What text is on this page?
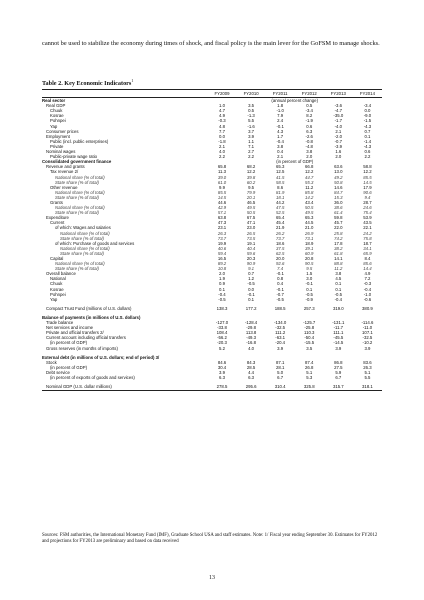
cannot be used to stabilize the economy during times of shock, and fiscal policy is the main lever for the GoFSM to manage shocks.
Table 2. Key Economic Indicators$^1$
	FY2009	FY2010	FY2011	FY2012	FY2013	FY2014
Real sector	(annual percent change)					
Real GDP	1.0	3.5	1.8	0.5	-3.6	-3.4
Chuuk	4.7	0.5	-1.0	-3.4	-4.7	0.0
Kosrae	4.9	-1.3	7.9	8.2	-35.0	-9.0
Pohnpei	-0.3	5.5	2.4	-1.9	-1.7	-1.5
Yap	4.8	-1.6	-0.1	0.6	-4.0	-4.3
Consumer prices	7.7	3.7	4.3	6.3	2.1	0.7
Employment	0.0	3.9	1.7	-2.6	-2.0	0.1
Public (incl. public enterprises)	-1.8	1.1	-0.4	-0.8	-0.7	-1.4
Private	2.1	7.1	3.8	-4.8	-3.9	-4.3
Nominal wages	4.0	2.7	0.4	3.8	1.6	0.6
Public-private wage ratio	2.2	2.2	2.1	2.0	2.0	2.2
Consolidated government finance	(in percent of GDP)					
Revenue and grants	65.8	68.2	65.3	66.8	63.6	58.8
Tax revenue 2/	11.3	12.2	12.5	12.2	13.0	12.2
National share (% of total)	39.0	39.8	41.5	44.7	49.2	85.5
State share (% of total)	61.0	60.2	58.5	55.3	50.8	14.5
Other revenue	9.9	9.5	8.6	11.2	14.6	17.9
National share (% of total)	85.5	79.9	81.9	85.8	84.7	90.6
State share (% of total)	14.5	20.1	18.1	14.2	15.3	9.4
Grants	44.6	46.5	44.2	43.4	36.0	28.7
National share (% of total)	42.9	49.5	47.5	50.5	38.6	24.6
State share (% of total)	57.1	50.5	52.5	49.5	61.4	75.4
Expenditure	63.8	67.5	65.4	65.3	59.8	53.9
Current	47.3	47.1	45.4	44.5	45.7	43.5
of which: Wages and salaries	23.1	23.0	21.9	21.0	22.0	22.1
National share (% of total)	26.3	26.5	26.2	26.9	25.8	24.2
State share (% of total)	73.7	73.5	73.7	73.1	74.2	75.8
of which: Purchase of goods and services	19.9	19.1	18.6	18.9	17.8	18.7
National share (% of total)	40.6	40.4	37.5	39.1	38.2	34.1
State share (% of total)	59.4	59.6	62.5	60.9	61.8	65.9
Capital	16.5	20.3	20.0	20.8	14.1	8.4
National share (% of total)	89.2	90.9	92.6	90.5	88.8	85.6
State share (% of total)	10.8	9.1	7.4	9.5	11.2	14.4
Overall balance	2.0	0.7	-0.1	1.5	3.8	4.9
National	1.9	1.2	0.8	3.0	4.5	7.2
Chuuk	0.9	-0.5	0.4	-0.1	0.1	-0.3
Kosrae	0.1	0.0	-0.1	0.1	0.1	-0.4
Pohnpei	-0.4	-0.1	-0.7	-0.5	-0.5	-1.0
Yap	-0.5	0.1	-0.5	-0.9	-0.4	-0.6

Compact Trust Fund (millions of U.S. dollars)	138.3	177.2	188.5	257.3	319.0	380.9

Balance of payments (in millions of U.S. dollars)						
Trade balance	-127.0	-128.4	-134.0	-125.7	-131.1	-114.6
Net services and income	-33.8	-29.8	-32.5	-25.8	-11.7	-11.0
Private and official transfers 2/	108.4	113.8	111.2	110.3	111.1	107.1
Current account including official transfers	-56.2	-49.3	-63.1	-50.4	-45.5	-32.5
(in percent of GDP)	-20.3	-16.8	-20.4	-15.5	-14.5	-10.2
Gross reserves (in months of imports)	5.2	4.0	3.9	3.5	3.9	3.9

External debt (in millions of U.S. dollars; end of period) 3/						
Stock	84.6	84.3	87.1	87.4	86.8	83.6
(in percent of GDP)	30.4	28.5	28.1	26.8	27.5	26.3
Debt service	3.9	4.4	5.0	5.1	5.9	5.1
(in percent of exports of goods and services)	6.3	6.3	6.7	5.3	6.7	5.5

Nominal GDP (U.S. dollar millions)	278.5	295.6	310.4	325.8	315.7	318.1
Sources: FSM authorities, the International Monetary Fund (IMF), Graduate School USA and staff estimates. Note: 1/ Fiscal year ending September 30. Estimates for FY2012 and projections for FY2013 are preliminary and based on data received
13
